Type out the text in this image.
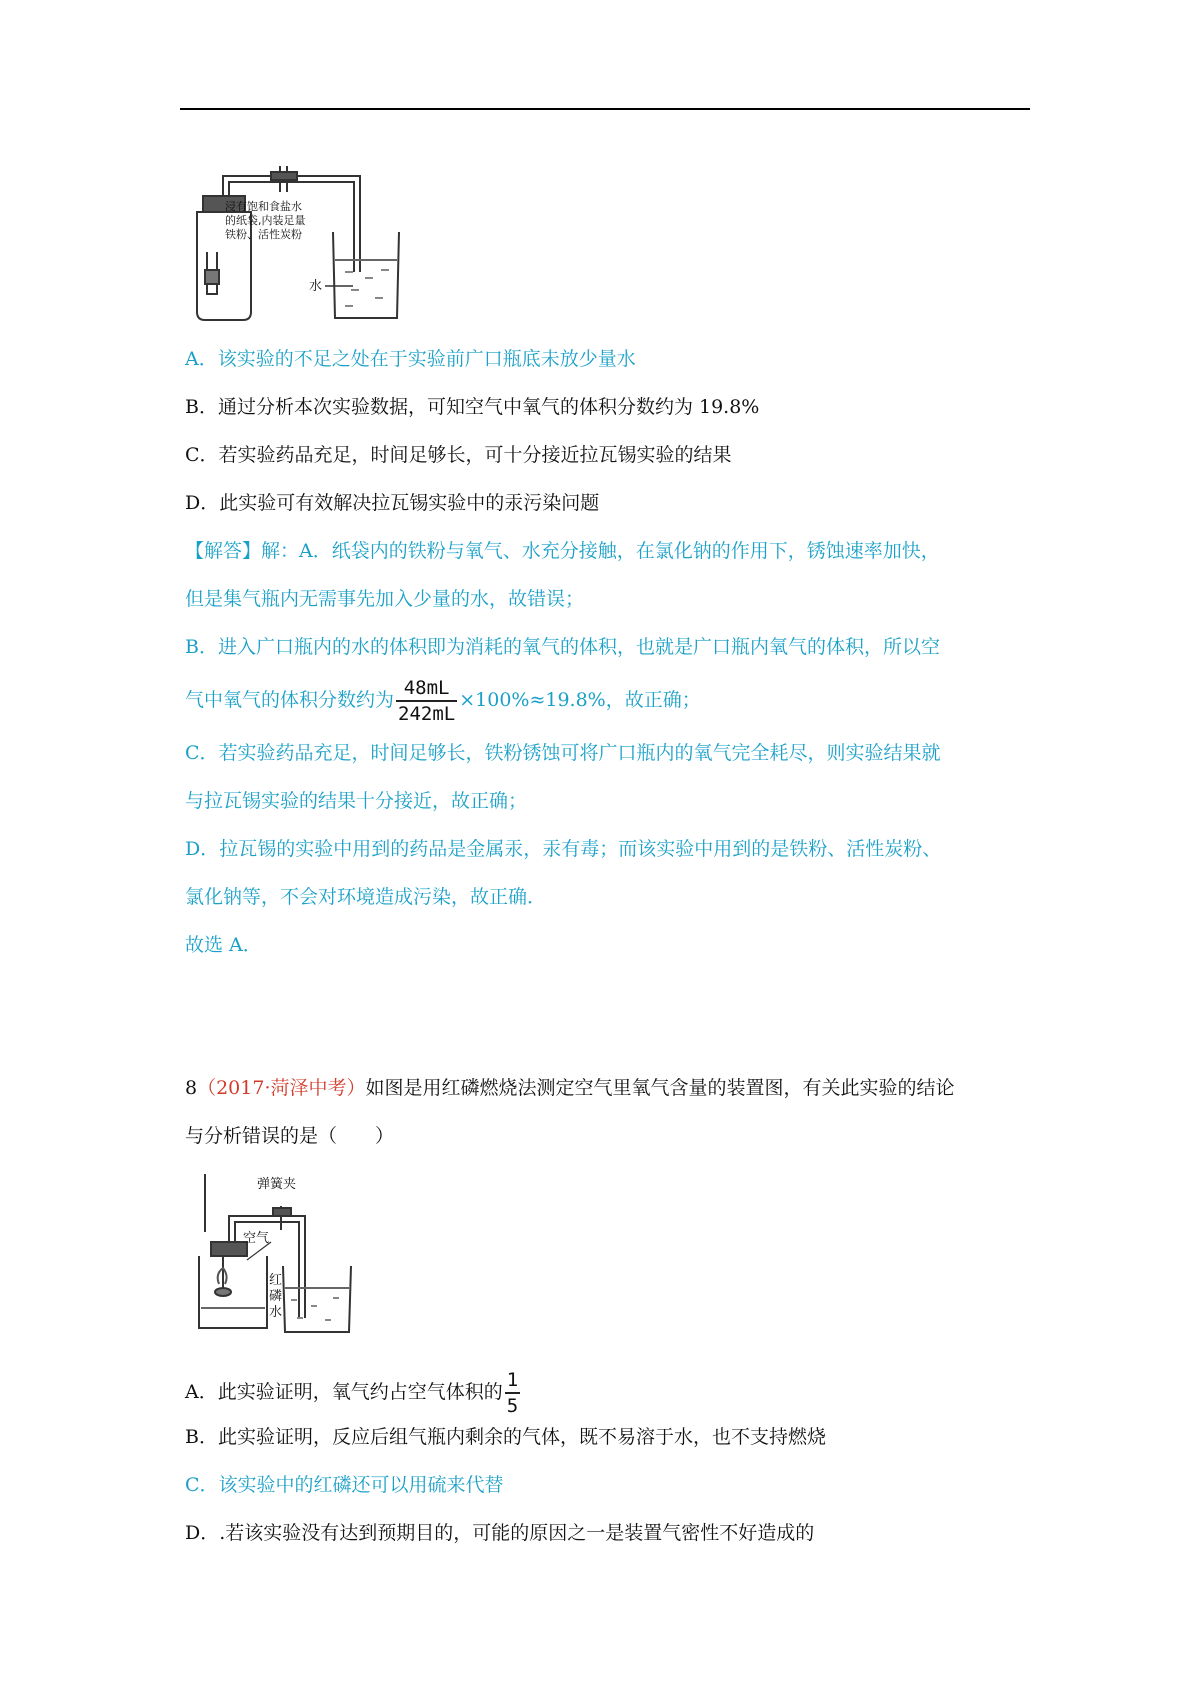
浸有饱和食盐水
的纸袋,内装足量
铁粉、活性炭粉
水
A．该实验的不足之处在于实验前广口瓶底未放少量水
B．通过分析本次实验数据，可知空气中氧气的体积分数约为 19.8%
C．若实验药品充足，时间足够长，可十分接近拉瓦锡实验的结果
D．此实验可有效解决拉瓦锡实验中的汞污染问题
【解答】解：A．纸袋内的铁粉与氧气、水充分接触，在氯化钠的作用下，锈蚀速率加快，
但是集气瓶内无需事先加入少量的水，故错误；
B．进入广口瓶内的水的体积即为消耗的氧气的体积，也就是广口瓶内氧气的体积，所以空
气中氧气的体积分数约为 $\frac{48mL}{242mL} \times 100\%\approx 19.8\%$，故正确；
C．若实验药品充足，时间足够长，铁粉锈蚀可将广口瓶内的氧气完全耗尽，则实验结果就
与拉瓦锡实验的结果十分接近，故正确；
D．拉瓦锡的实验中用到的药品是金属汞，汞有毒；而该实验中用到的是铁粉、活性炭粉、
氯化钠等，不会对环境造成污染，故正确．
故选 A．
8（2017·菏泽中考）如图是用红磷燃烧法测定空气里氧气含量的装置图，有关此实验的结论
与分析错误的是（　　）
弹簧夹
空气
红
磷
水
A．此实验证明，氧气约占空气体积的 $\frac{1}{5}$
B．此实验证明，反应后组气瓶内剩余的气体，既不易溶于水，也不支持燃烧
C．该实验中的红磷还可以用硫来代替
D．.若该实验没有达到预期目的，可能的原因之一是装置气密性不好造成的
